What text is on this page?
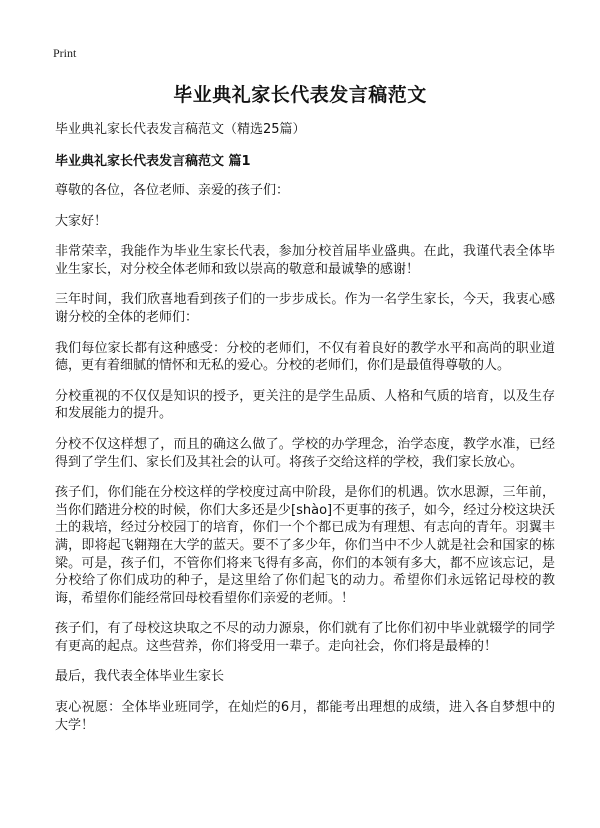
Print
毕业典礼家长代表发言稿范文

毕业典礼家长代表发言稿范文（精选25篇）

毕业典礼家长代表发言稿范文 篇1

尊敬的各位，各位老师、亲爱的孩子们：

大家好！

非常荣幸，我能作为毕业生家长代表，参加分校首届毕业盛典。在此，我谨代表全体毕业生家长，对分校全体老师和致以崇高的敬意和最诚挚的感谢！

三年时间，我们欣喜地看到孩子们的一步步成长。作为一名学生家长，今天，我衷心感谢分校的全体的老师们：

我们每位家长都有这种感受：分校的老师们，不仅有着良好的教学水平和高尚的职业道德，更有着细腻的情怀和无私的爱心。分校的老师们，你们是最值得尊敬的人。

分校重视的不仅仅是知识的授予，更关注的是学生品质、人格和气质的培育，以及生存和发展能力的提升。

分校不仅这样想了，而且的确这么做了。学校的办学理念，治学态度，教学水准，已经得到了学生们、家长们及其社会的认可。将孩子交给这样的学校，我们家长放心。

孩子们，你们能在分校这样的学校度过高中阶段，是你们的机遇。饮水思源，三年前，当你们踏进分校的时候，你们大多还是少[shào]不更事的孩子，如今，经过分校这块沃土的栽培，经过分校园丁的培育，你们一个个都已成为有理想、有志向的青年。羽翼丰满，即将起飞翱翔在大学的蓝天。要不了多少年，你们当中不少人就是社会和国家的栋梁。可是，孩子们，不管你们将来飞得有多高，你们的本领有多大，都不应该忘记，是分校给了你们成功的种子，是这里给了你们起飞的动力。希望你们永远铭记母校的教诲，希望你们能经常回母校看望你们亲爱的老师。！

孩子们，有了母校这块取之不尽的动力源泉，你们就有了比你们初中毕业就辍学的同学有更高的起点。这些营养，你们将受用一辈子。走向社会，你们将是最棒的！

最后，我代表全体毕业生家长

衷心祝愿：全体毕业班同学，在灿烂的6月，都能考出理想的成绩，进入各自梦想中的大学！
